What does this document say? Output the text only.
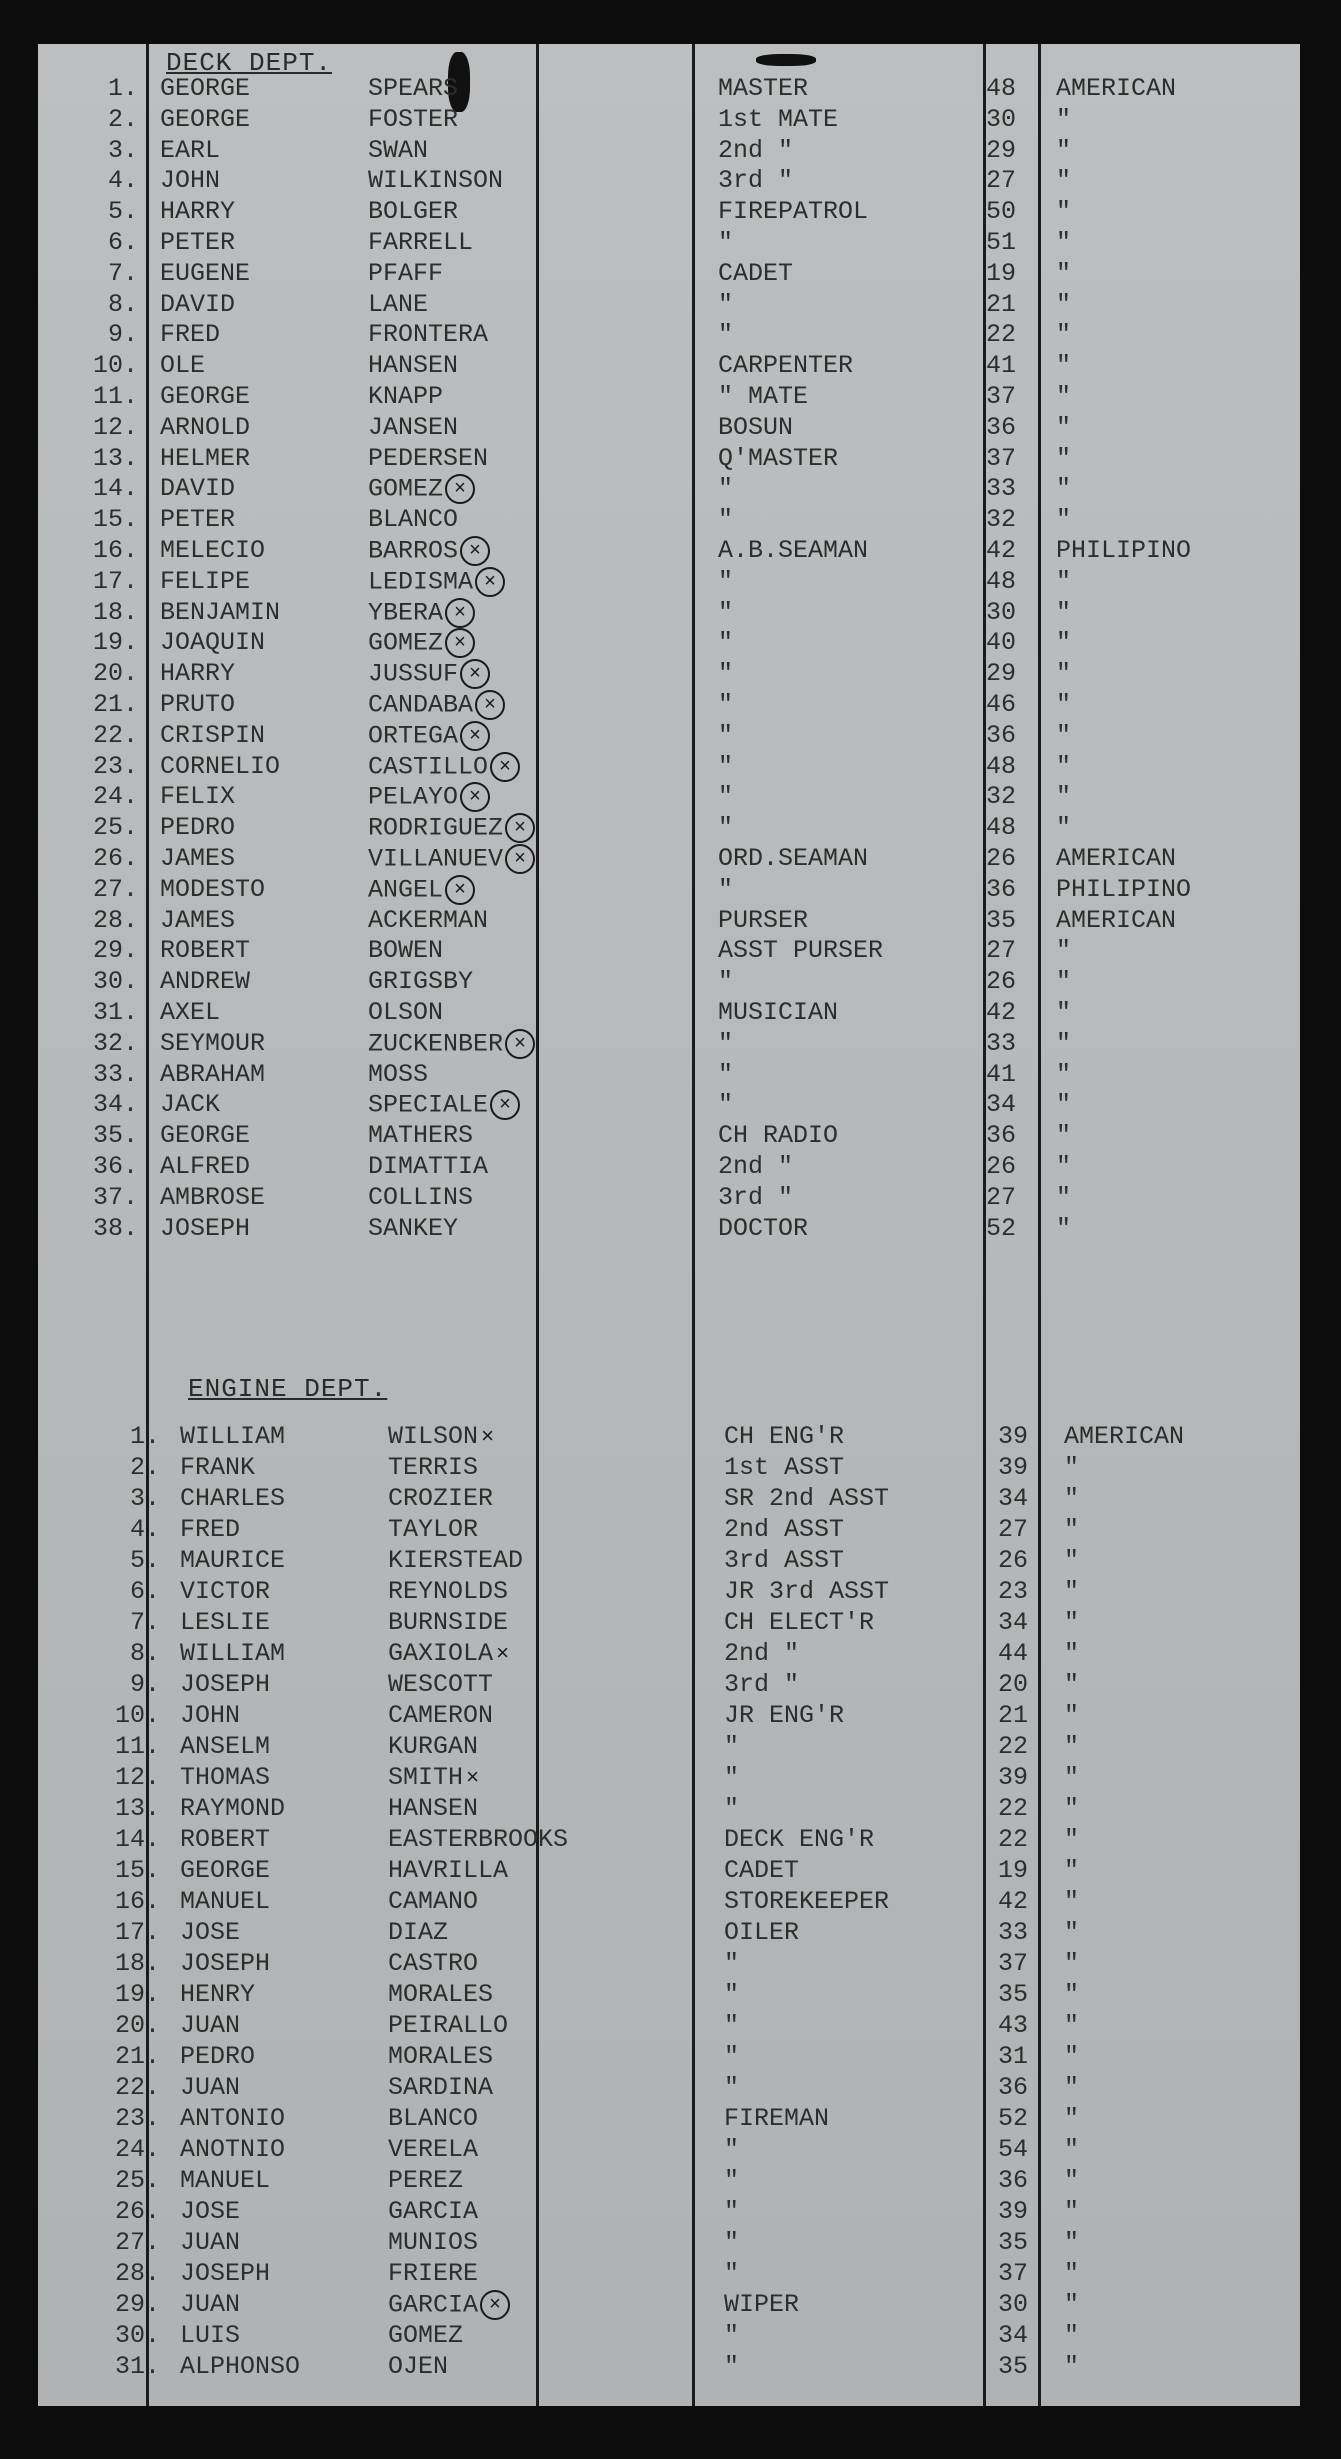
DECK DEPT.
1. GEORGE	SPEARS	MASTER	48 AMERICAN
2. GEORGE	FOSTER	1st MATE	30 "
3. EARL	SWAN	2nd "	29 "
4. JOHN	WILKINSON	3rd "	27 "
5. HARRY	BOLGER	FIREPATROL	50 "
6. PETER	FARRELL	"	51 "
7. EUGENE	PFAFF	CADET	19 "
8. DAVID	LANE	"	21 "
9. FRED	FRONTERA	"	22 "
10. OLE	HANSEN	CARPENTER	41 "
11. GEORGE	KNAPP	" MATE	37 "
12. ARNOLD	JANSEN	BOSUN	36 "
13. HELMER	PEDERSEN	Q'MASTER	37 "
14. DAVID	GOMEZ ×	"	33 "
15. PETER	BLANCO	"	32 "
16. MELECIO	BARROS ×	A.B.SEAMAN	42 PHILIPINO
17. FELIPE	LEDISMA ×	"	48 "
18. BENJAMIN	YBERA ×	"	30 "
19. JOAQUIN	GOMEZ ×	"	40 "
20. HARRY	JUSSUF ×	"	29 "
21. PRUTO	CANDABA ×	"	46 "
22. CRISPIN	ORTEGA ×	"	36 "
23. CORNELIO	CASTILLO ×	"	48 "
24. FELIX	PELAYO ×	"	32 "
25. PEDRO	RODRIGUEZ ×	"	48 "
26. JAMES	VILLANUEV ×	ORD.SEAMAN	26 AMERICAN
27. MODESTO	ANGEL ×	"	36 PHILIPINO
28. JAMES	ACKERMAN	PURSER	35 AMERICAN
29. ROBERT	BOWEN	ASST PURSER	27 "
30. ANDREW	GRIGSBY	"	26 "
31. AXEL	OLSON	MUSICIAN	42 "
32. SEYMOUR	ZUCKENBER ×	"	33 "
33. ABRAHAM	MOSS	"	41 "
34. JACK	SPECIALE ×	"	34 "
35. GEORGE	MATHERS	CH RADIO	36 "
36. ALFRED	DIMATTIA	2nd "	26 "
37. AMBROSE	COLLINS	3rd "	27 "
38. JOSEPH	SANKEY	DOCTOR	52 "
ENGINE DEPT.
1. WILLIAM	WILSON ×	CH ENG'R	39 AMERICAN
2. FRANK	TERRIS	1st ASST	39 "
3. CHARLES	CROZIER	SR 2nd ASST	34 "
4. FRED	TAYLOR	2nd ASST	27 "
5. MAURICE	KIERSTEAD	3rd ASST	26 "
6. VICTOR	REYNOLDS	JR 3rd ASST	23 "
7. LESLIE	BURNSIDE	CH ELECT'R	34 "
8. WILLIAM	GAXIOLA ×	2nd "	44 "
9. JOSEPH	WESCOTT	3rd "	20 "
10. JOHN	CAMERON	JR ENG'R	21 "
11. ANSELM	KURGAN	"	22 "
12. THOMAS	SMITH ×	"	39 "
13. RAYMOND	HANSEN	"	22 "
14. ROBERT	EASTERBROOKS	DECK ENG'R	22 "
15. GEORGE	HAVRILLA	CADET	19 "
16. MANUEL	CAMANO	STOREKEEPER	42 "
17. JOSE	DIAZ	OILER	33 "
18. JOSEPH	CASTRO	"	37 "
19. HENRY	MORALES	"	35 "
20. JUAN	PEIRALLO	"	43 "
21. PEDRO	MORALES	"	31 "
22. JUAN	SARDINA	"	36 "
23. ANTONIO	BLANCO	FIREMAN	52 "
24. ANOTNIO	VERELA	"	54 "
25. MANUEL	PEREZ	"	36 "
26. JOSE	GARCIA	"	39 "
27. JUAN	MUNIOS	"	35 "
28. JOSEPH	FRIERE	"	37 "
29. JUAN	GARCIA ×	WIPER	30 "
30. LUIS	GOMEZ	"	34 "
31. ALPHONSO	OJEN	"	35 "
